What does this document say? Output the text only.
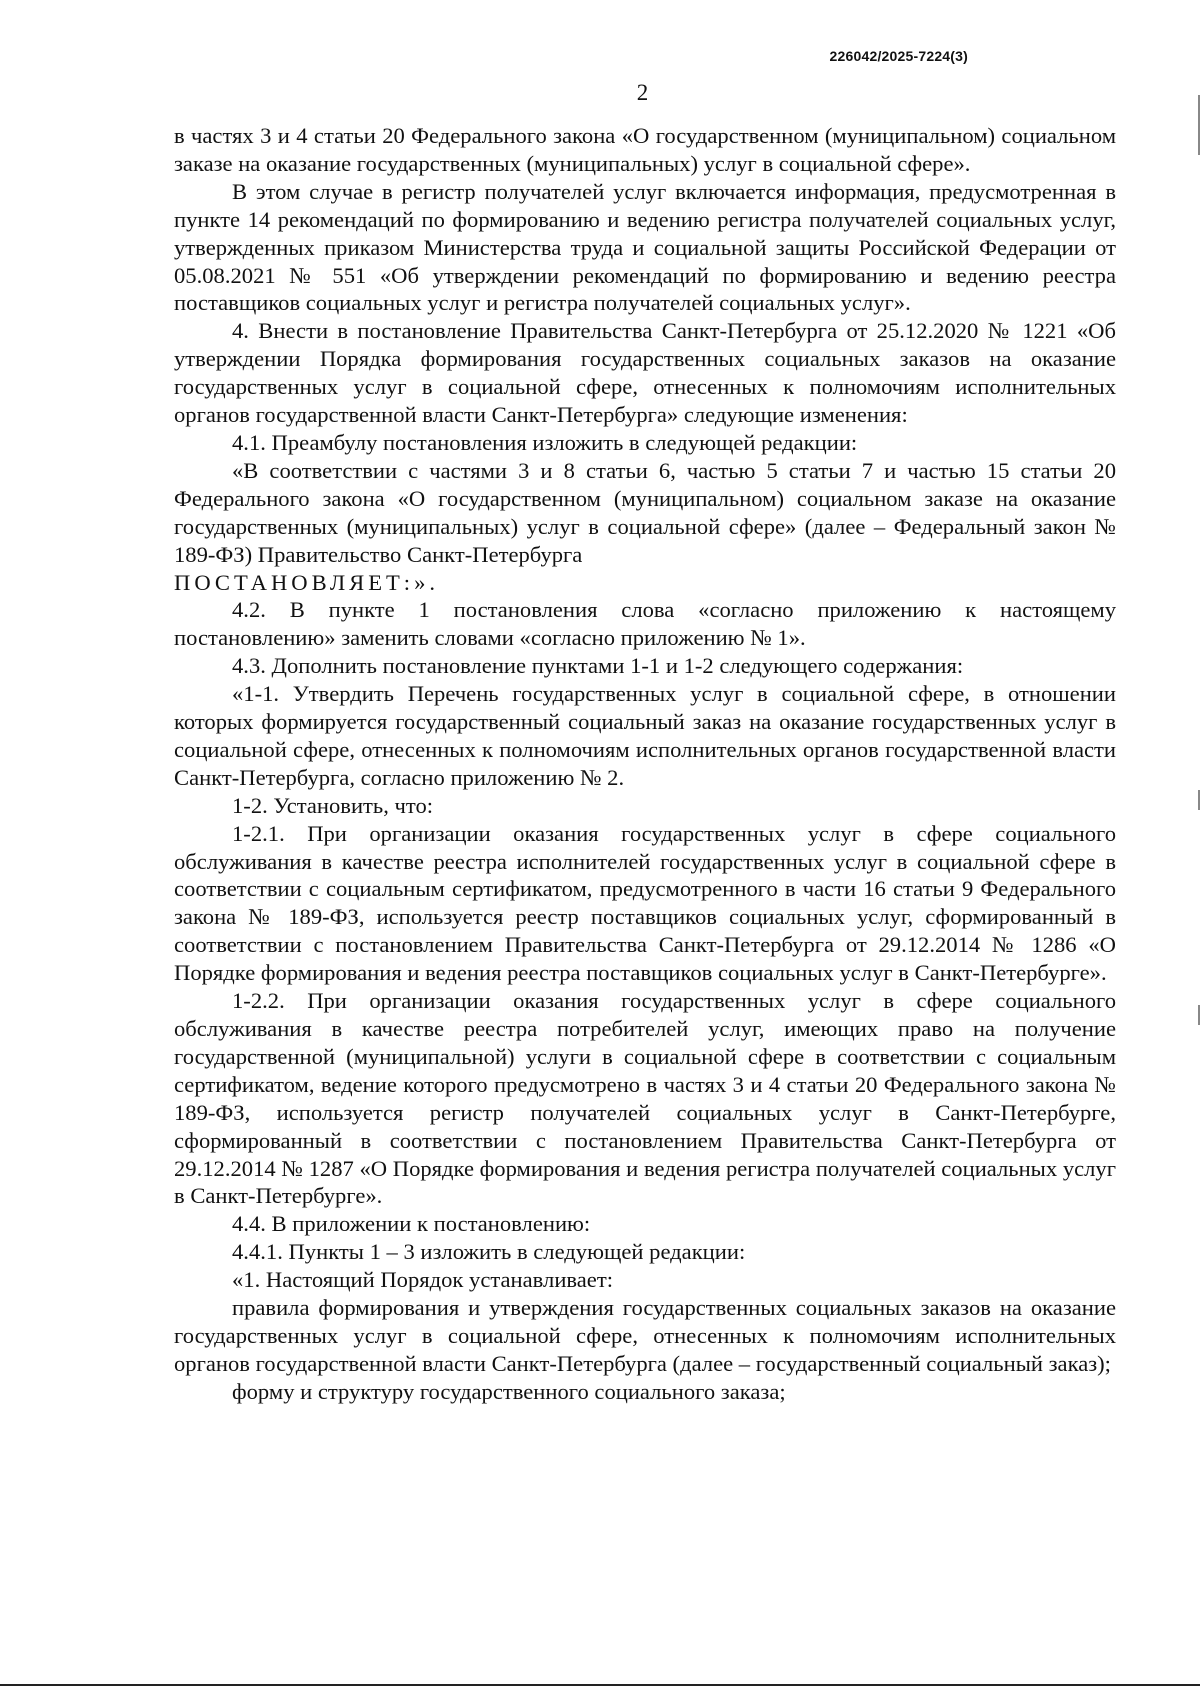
226042/2025-7224(3)
2

в частях 3 и 4 статьи 20 Федерального закона «О государственном (муниципальном) социальном заказе на оказание государственных (муниципальных) услуг в социальной сфере».

В этом случае в регистр получателей услуг включается информация, предусмотренная в пункте 14 рекомендаций по формированию и ведению регистра получателей социальных услуг, утвержденных приказом Министерства труда и социальной защиты Российской Федерации от 05.08.2021 № 551 «Об утверждении рекомендаций по формированию и ведению реестра поставщиков социальных услуг и регистра получателей социальных услуг».

4. Внести в постановление Правительства Санкт-Петербурга от 25.12.2020 № 1221 «Об утверждении Порядка формирования государственных социальных заказов на оказание государственных услуг в социальной сфере, отнесенных к полномочиям исполнительных органов государственной власти Санкт-Петербурга» следующие изменения:

4.1. Преамбулу постановления изложить в следующей редакции:

«В соответствии с частями 3 и 8 статьи 6, частью 5 статьи 7 и частью 15 статьи 20 Федерального закона «О государственном (муниципальном) социальном заказе на оказание государственных (муниципальных) услуг в социальной сфере» (далее – Федеральный закон № 189-ФЗ) Правительство Санкт-Петербурга

ПОСТАНОВЛЯЕТ:».

4.2. В пункте 1 постановления слова «согласно приложению к настоящему постановлению» заменить словами «согласно приложению № 1».

4.3. Дополнить постановление пунктами 1-1 и 1-2 следующего содержания:

«1-1. Утвердить Перечень государственных услуг в социальной сфере, в отношении которых формируется государственный социальный заказ на оказание государственных услуг в социальной сфере, отнесенных к полномочиям исполнительных органов государственной власти Санкт-Петербурга, согласно приложению № 2.

1-2. Установить, что:

1-2.1. При организации оказания государственных услуг в сфере социального обслуживания в качестве реестра исполнителей государственных услуг в социальной сфере в соответствии с социальным сертификатом, предусмотренного в части 16 статьи 9 Федерального закона № 189-ФЗ, используется реестр поставщиков социальных услуг, сформированный в соответствии с постановлением Правительства Санкт-Петербурга от 29.12.2014 № 1286 «О Порядке формирования и ведения реестра поставщиков социальных услуг в Санкт-Петербурге».

1-2.2. При организации оказания государственных услуг в сфере социального обслуживания в качестве реестра потребителей услуг, имеющих право на получение государственной (муниципальной) услуги в социальной сфере в соответствии с социальным сертификатом, ведение которого предусмотрено в частях 3 и 4 статьи 20 Федерального закона № 189-ФЗ, используется регистр получателей социальных услуг в Санкт-Петербурге, сформированный в соответствии с постановлением Правительства Санкт-Петербурга от 29.12.2014 № 1287 «О Порядке формирования и ведения регистра получателей социальных услуг в Санкт-Петербурге».

4.4. В приложении к постановлению:

4.4.1. Пункты 1 – 3 изложить в следующей редакции:

«1. Настоящий Порядок устанавливает:

правила формирования и утверждения государственных социальных заказов на оказание государственных услуг в социальной сфере, отнесенных к полномочиям исполнительных органов государственной власти Санкт-Петербурга (далее – государственный социальный заказ);

форму и структуру государственного социального заказа;
